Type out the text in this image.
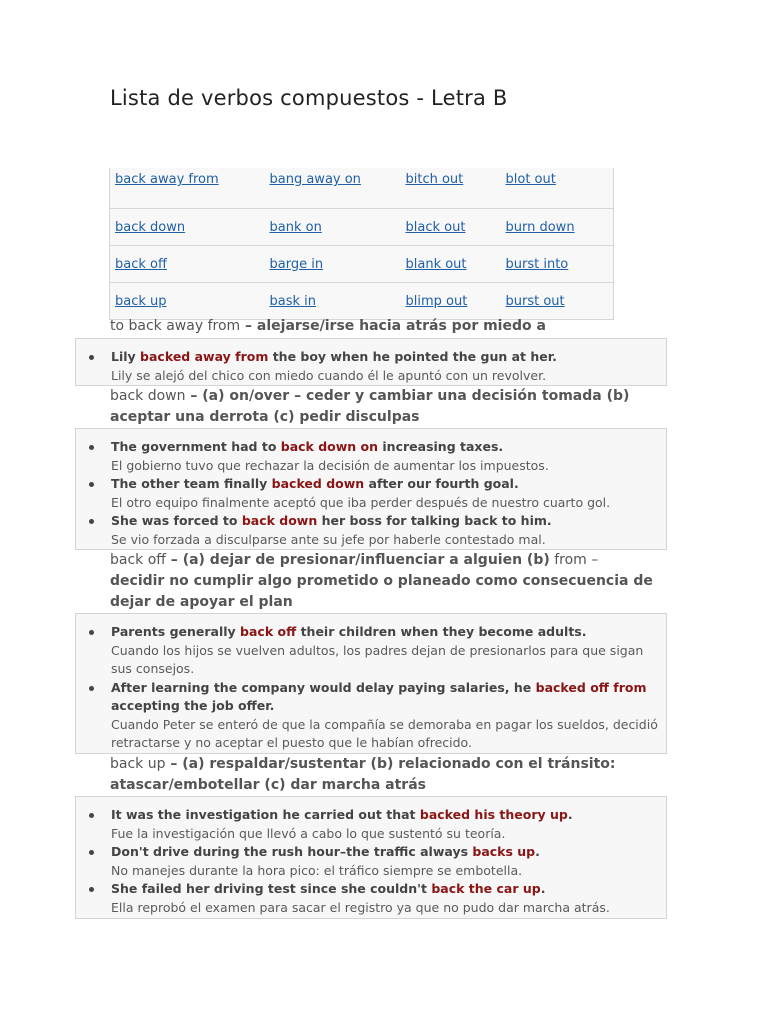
Lista de verbos compuestos - Letra B
back away from	bang away on	bitch out	blot out
back down	bank on	black out	burn down
back off	barge in	blank out	burst into
back up	bask in	blimp out	burst out

to back away from – alejarse/irse hacia atrás por miedo a

Lily backed away from the boy when he pointed the gun at her.
Lily se alejó del chico con miedo cuando él le apuntó con un revolver.

back down – (a) on/over – ceder y cambiar una decisión tomada (b) aceptar una derrota (c) pedir disculpas

The government had to back down on increasing taxes.
El gobierno tuvo que rechazar la decisión de aumentar los impuestos.
The other team finally backed down after our fourth goal.
El otro equipo finalmente aceptó que iba perder después de nuestro cuarto gol.
She was forced to back down her boss for talking back to him.
Se vio forzada a disculparse ante su jefe por haberle contestado mal.

back off – (a) dejar de presionar/influenciar a alguien (b) from – decidir no cumplir algo prometido o planeado como consecuencia de dejar de apoyar el plan

Parents generally back off their children when they become adults.
Cuando los hijos se vuelven adultos, los padres dejan de presionarlos para que sigan sus consejos.
After learning the company would delay paying salaries, he backed off from accepting the job offer.
Cuando Peter se enteró de que la compañía se demoraba en pagar los sueldos, decidió retractarse y no aceptar el puesto que le habían ofrecido.

back up – (a) respaldar/sustentar (b) relacionado con el tránsito: atascar/embotellar (c) dar marcha atrás

It was the investigation he carried out that backed his theory up.
Fue la investigación que llevó a cabo lo que sustentó su teoría.
Don't drive during the rush hour–the traffic always backs up.
No manejes durante la hora pico: el tráfico siempre se embotella.
She failed her driving test since she couldn't back the car up.
Ella reprobó el examen para sacar el registro ya que no pudo dar marcha atrás.
